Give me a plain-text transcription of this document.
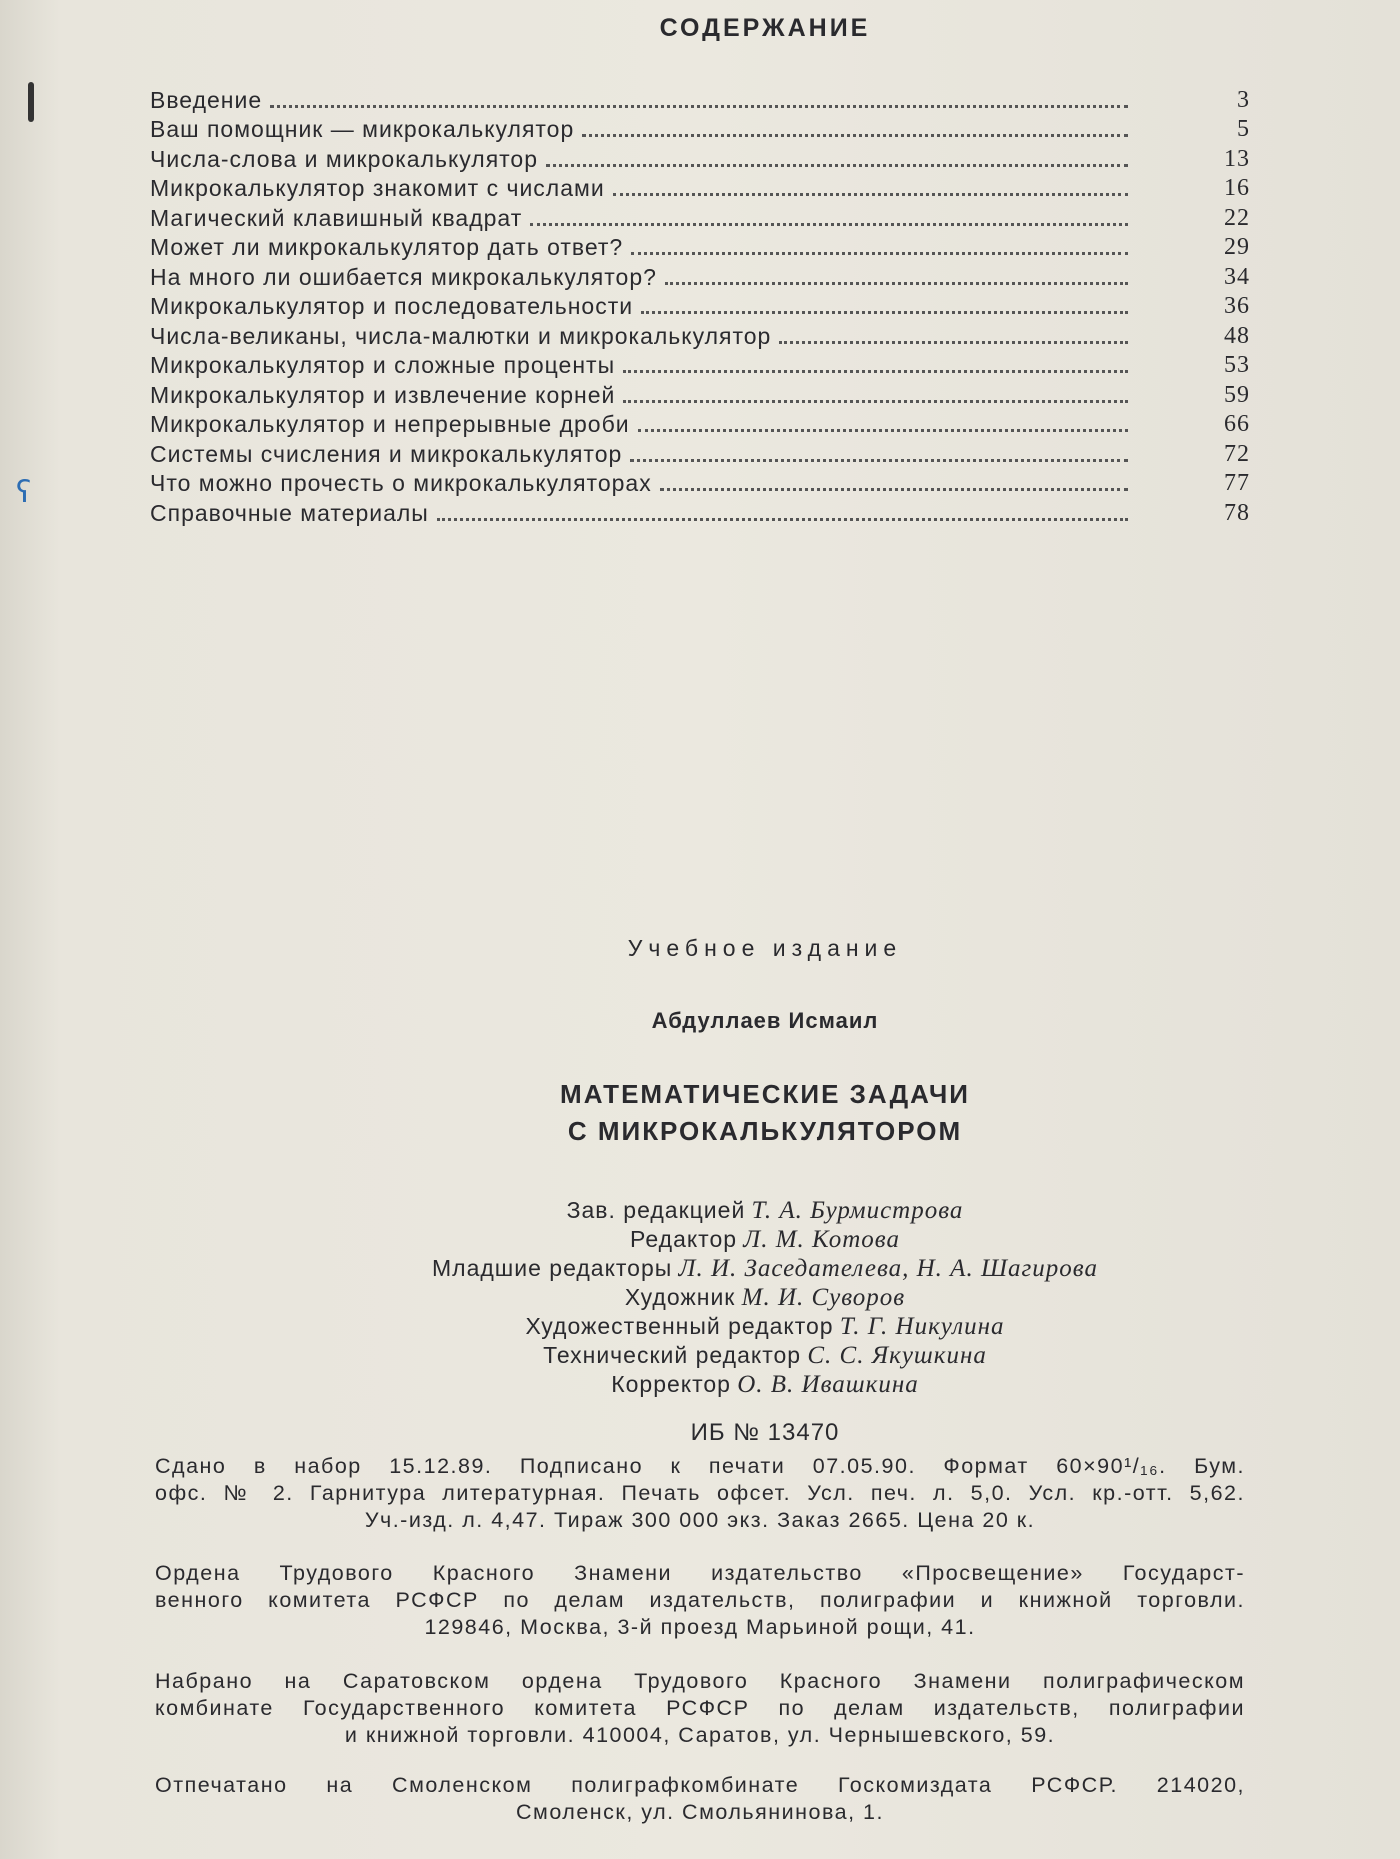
ʕ
СОДЕРЖАНИЕ
Введение	3
Ваш помощник — микрокалькулятор	5
Числа-слова и микрокалькулятор	13
Микрокалькулятор знакомит с числами	16
Магический клавишный квадрат	22
Может ли микрокалькулятор дать ответ?	29
На много ли ошибается микрокалькулятор?	34
Микрокалькулятор и последовательности	36
Числа-великаны, числа-малютки и микрокалькулятор	48
Микрокалькулятор и сложные проценты	53
Микрокалькулятор и извлечение корней	59
Микрокалькулятор и непрерывные дроби	66
Системы счисления и микрокалькулятор	72
Что можно прочесть о микрокалькуляторах	77
Справочные материалы	78
Учебное издание
Абдуллаев Исмаил
МАТЕМАТИЧЕСКИЕ ЗАДАЧИ
С МИКРОКАЛЬКУЛЯТОРОМ
Зав. редакцией Т. А. Бурмистрова
Редактор Л. М. Котова
Младшие редакторы Л. И. Заседателева, Н. А. Шагирова
Художник М. И. Суворов
Художественный редактор Т. Г. Никулина
Технический редактор С. С. Якушкина
Корректор О. В. Ивашкина
ИБ № 13470
Сдано в набор 15.12.89. Подписано к печати 07.05.90. Формат 60×90¹/₁₆. Бум.
офс. № 2. Гарнитура литературная. Печать офсет. Усл. печ. л. 5,0. Усл. кр.-отт. 5,62.
Уч.-изд. л. 4,47. Тираж 300 000 экз. Заказ 2665. Цена 20 к.
Ордена Трудового Красного Знамени издательство «Просвещение» Государст-
венного комитета РСФСР по делам издательств, полиграфии и книжной торговли.
129846, Москва, 3-й проезд Марьиной рощи, 41.
Набрано на Саратовском ордена Трудового Красного Знамени полиграфическом
комбинате Государственного комитета РСФСР по делам издательств, полиграфии
и книжной торговли. 410004, Саратов, ул. Чернышевского, 59.
Отпечатано на Смоленском полиграфкомбинате Госкомиздата РСФСР. 214020,
Смоленск, ул. Смольянинова, 1.
